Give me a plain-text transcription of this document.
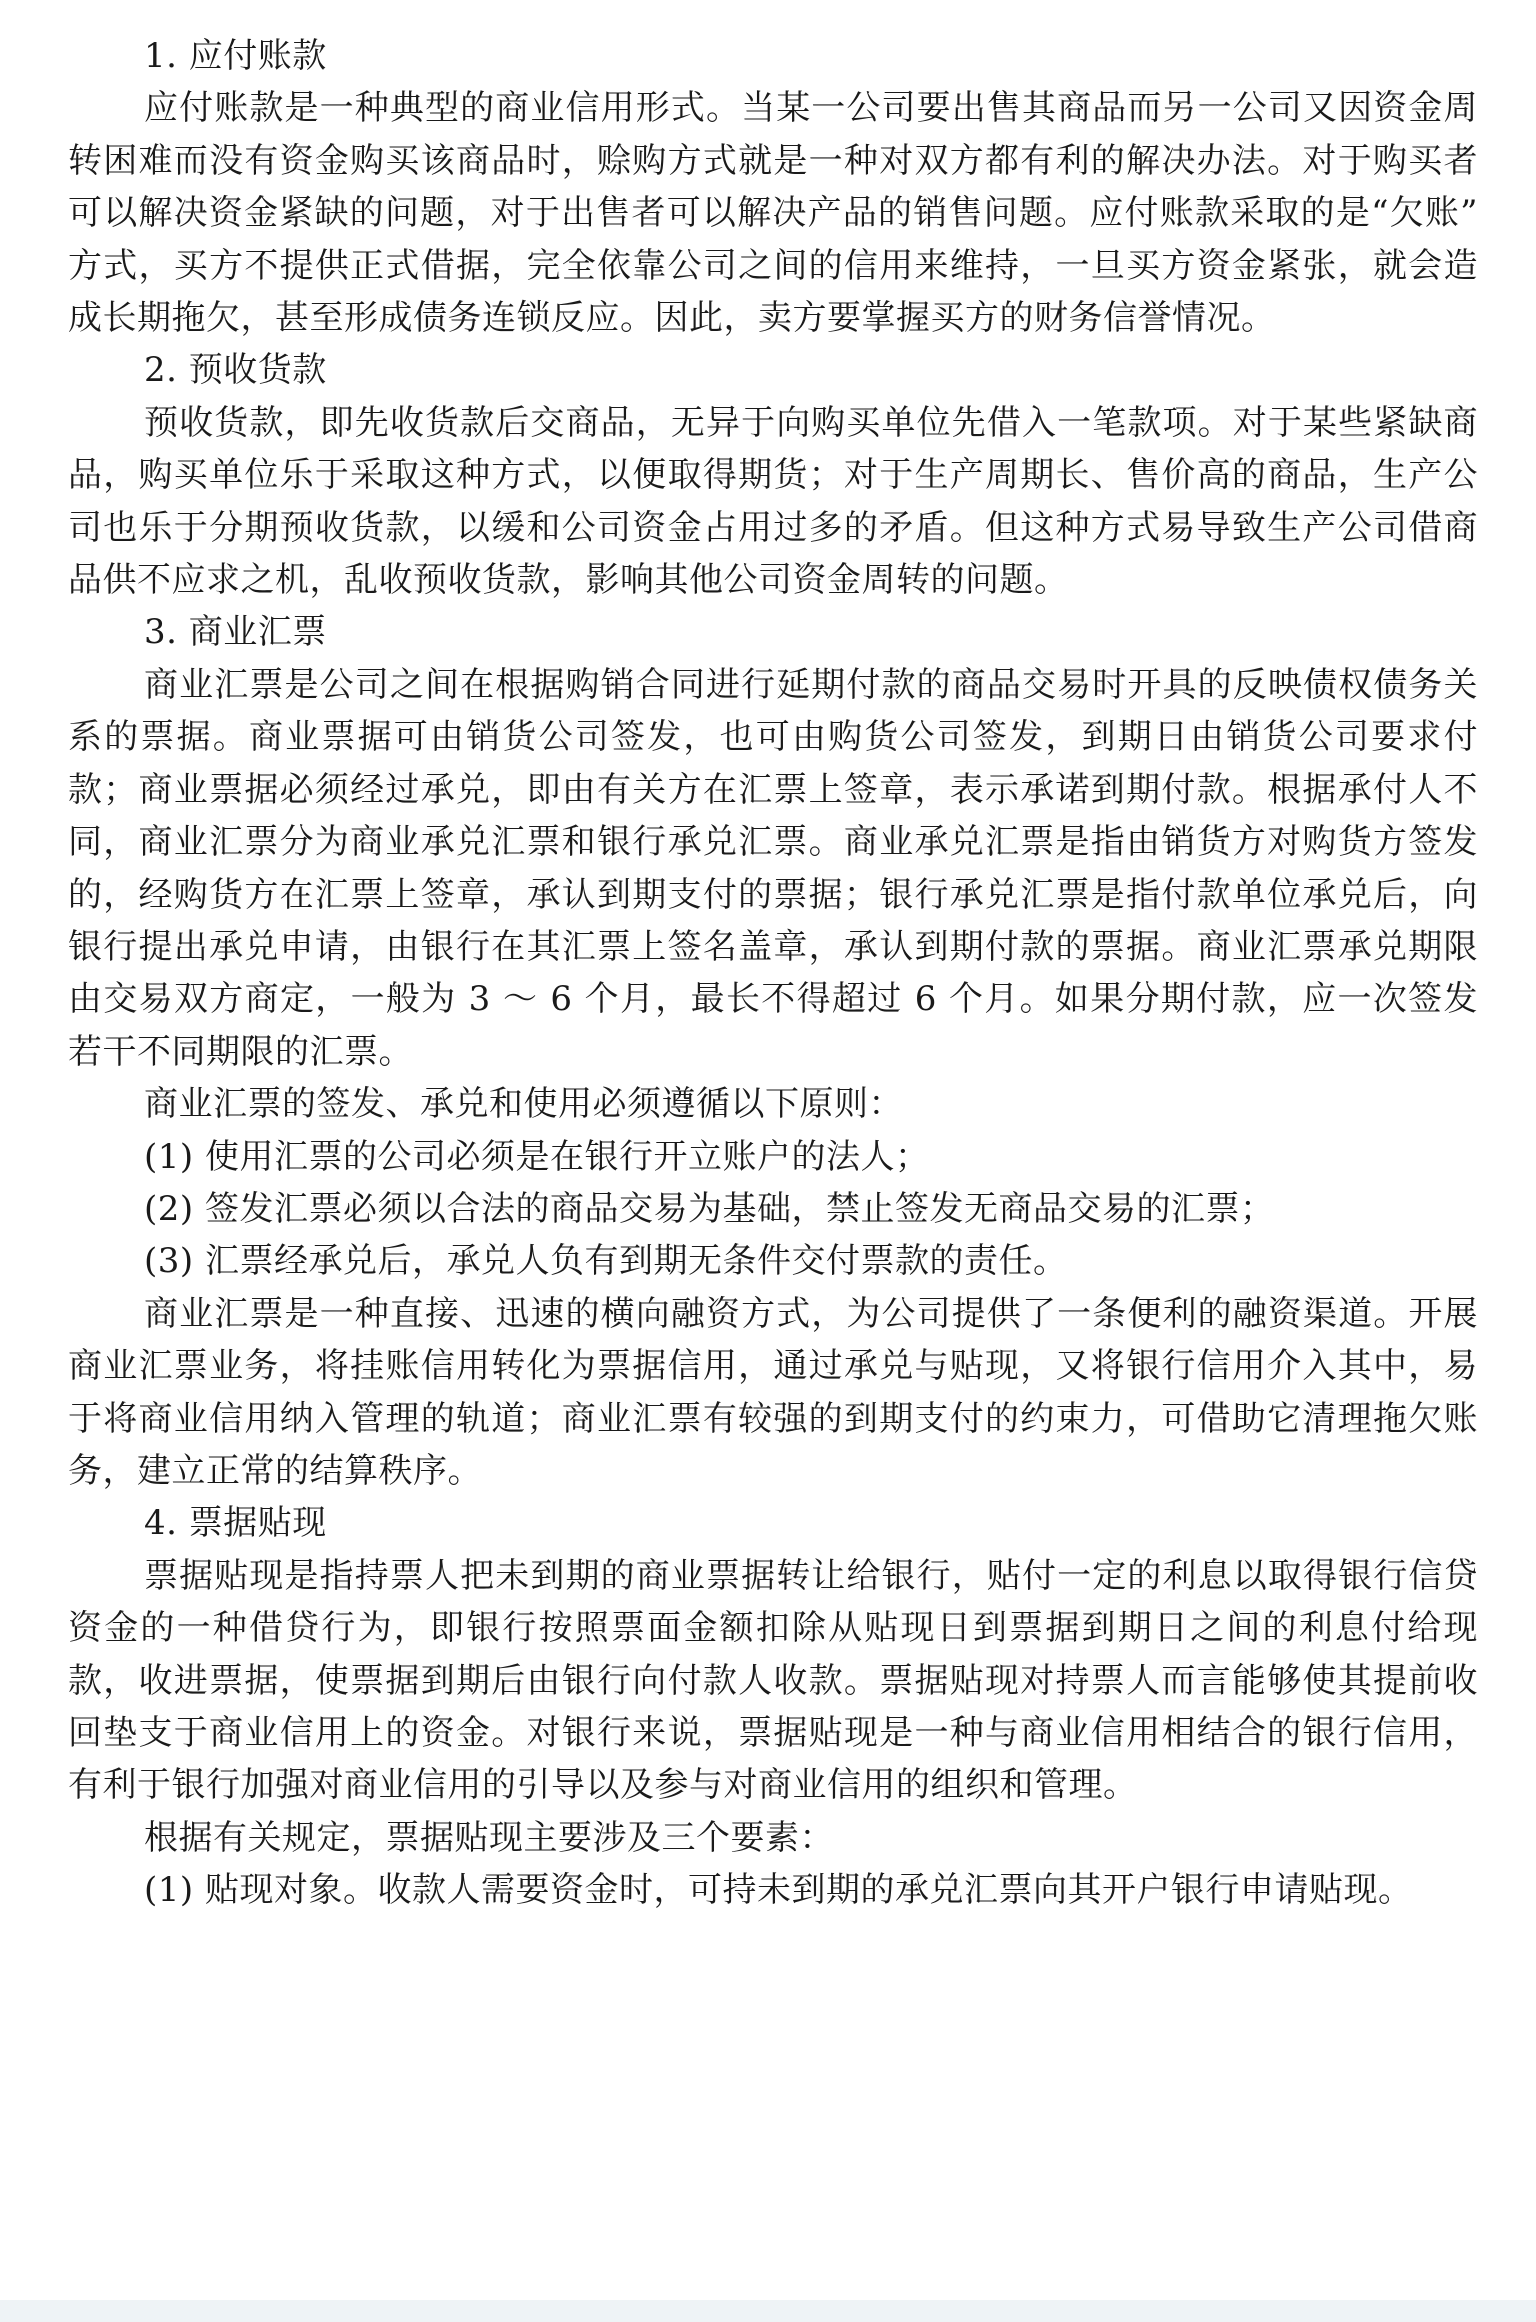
1. 应付账款

应付账款是一种典型的商业信用形式。当某一公司要出售其商品而另一公司又因资金周转困难而没有资金购买该商品时，赊购方式就是一种对双方都有利的解决办法。对于购买者可以解决资金紧缺的问题，对于出售者可以解决产品的销售问题。应付账款采取的是“欠账” 方式，买方不提供正式借据，完全依靠公司之间的信用来维持，一旦买方资金紧张，就会造成长期拖欠，甚至形成债务连锁反应。因此，卖方要掌握买方的财务信誉情况。

2. 预收货款

预收货款，即先收货款后交商品，无异于向购买单位先借入一笔款项。对于某些紧缺商品，购买单位乐于采取这种方式，以便取得期货；对于生产周期长、售价高的商品，生产公司也乐于分期预收货款，以缓和公司资金占用过多的矛盾。但这种方式易导致生产公司借商品供不应求之机，乱收预收货款，影响其他公司资金周转的问题。

3. 商业汇票

商业汇票是公司之间在根据购销合同进行延期付款的商品交易时开具的反映债权债务关系的票据。商业票据可由销货公司签发，也可由购货公司签发，到期日由销货公司要求付款；商业票据必须经过承兑，即由有关方在汇票上签章，表示承诺到期付款。根据承付人不同，商业汇票分为商业承兑汇票和银行承兑汇票。商业承兑汇票是指由销货方对购货方签发的，经购货方在汇票上签章，承认到期支付的票据；银行承兑汇票是指付款单位承兑后，向银行提出承兑申请，由银行在其汇票上签名盖章，承认到期付款的票据。商业汇票承兑期限由交易双方商定，一般为 3 ～ 6 个月，最长不得超过 6 个月。如果分期付款，应一次签发若干不同期限的汇票。

商业汇票的签发、承兑和使用必须遵循以下原则：

(1) 使用汇票的公司必须是在银行开立账户的法人；

(2) 签发汇票必须以合法的商品交易为基础，禁止签发无商品交易的汇票；

(3) 汇票经承兑后，承兑人负有到期无条件交付票款的责任。

商业汇票是一种直接、迅速的横向融资方式，为公司提供了一条便利的融资渠道。开展商业汇票业务，将挂账信用转化为票据信用，通过承兑与贴现，又将银行信用介入其中，易于将商业信用纳入管理的轨道；商业汇票有较强的到期支付的约束力，可借助它清理拖欠账务，建立正常的结算秩序。

4. 票据贴现

票据贴现是指持票人把未到期的商业票据转让给银行，贴付一定的利息以取得银行信贷资金的一种借贷行为，即银行按照票面金额扣除从贴现日到票据到期日之间的利息付给现款，收进票据，使票据到期后由银行向付款人收款。票据贴现对持票人而言能够使其提前收回垫支于商业信用上的资金。对银行来说，票据贴现是一种与商业信用相结合的银行信用，有利于银行加强对商业信用的引导以及参与对商业信用的组织和管理。

根据有关规定，票据贴现主要涉及三个要素：

(1) 贴现对象。收款人需要资金时，可持未到期的承兑汇票向其开户银行申请贴现。
